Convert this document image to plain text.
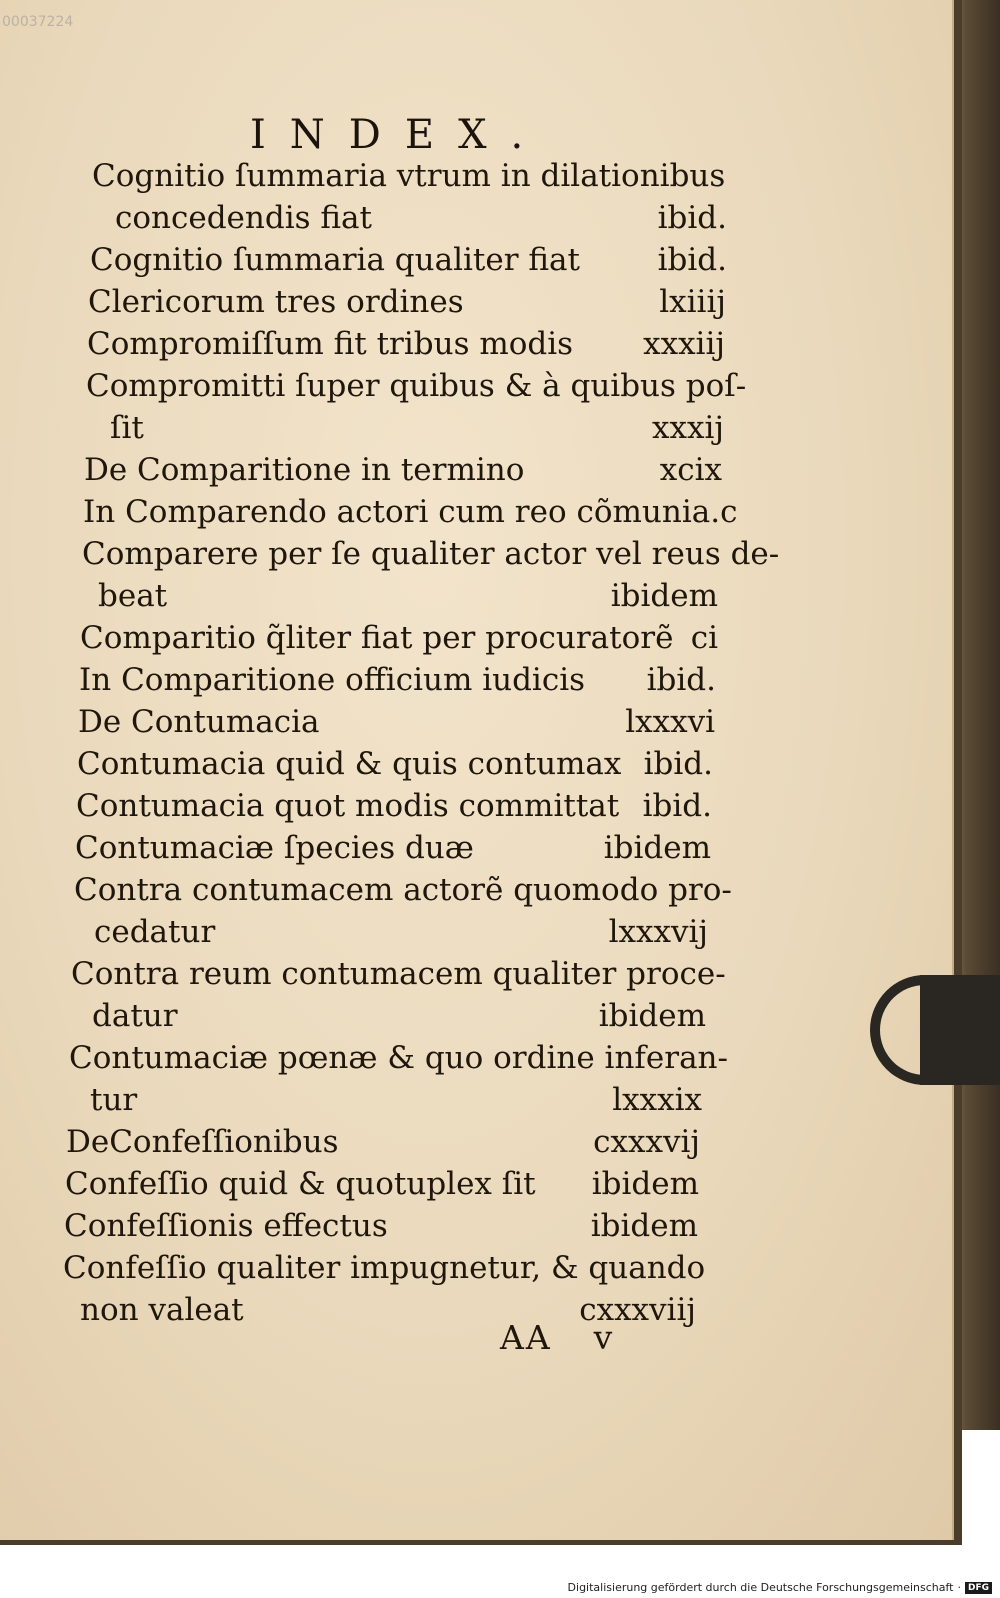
00037224
INDEX.
Cognitio ſummaria vtrum in dilationibus
concedendis fiat	ibid.
Cognitio ſummaria qualiter fiat	ibid.
Clericorum tres ordines	lxiiij
Compromiſſum fit tribus modis xxxiij
Compromitti ſuper quibus & à quibus poſ-
ſit	xxxij
De Comparitione in termino	xcix
In Comparendo actori cum reo cõmunia. c
Comparere per ſe qualiter actor vel reus de-
beat	ibidem
Comparitio q̃liter fiat per procuratorẽ ci
In Comparitione officium iudicis ibid.
De Contumacia	lxxxvi
Contumacia quid & quis contumax ibid.
Contumacia quot modis committat ibid.
Contumaciæ ſpecies duæ	ibidem
Contra contumacem actorẽ quomodo pro-
cedatur	lxxxvij
Contra reum contumacem qualiter proce-
datur	ibidem
Contumaciæ pœnæ & quo ordine inferan-
tur	lxxxix
DeConfeſſionibus	cxxxvij
Confeſſio quid & quotuplex ſit ibidem
Confeſſionis effectus	ibidem
Confeſſio qualiter impugnetur, & quando
non valeat	cxxxviij
AA v
Digitalisierung gefördert durch die Deutsche Forschungsgemeinschaft · DFG
